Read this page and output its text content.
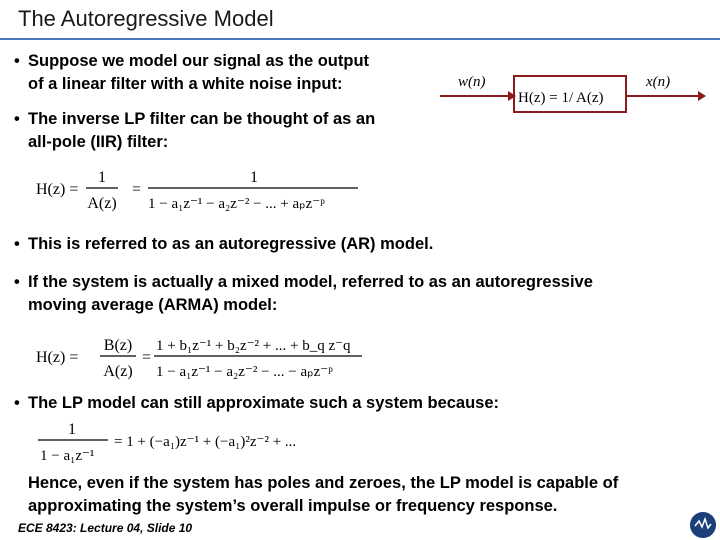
The Autoregressive Model
• Suppose we model our signal as the output
of a linear filter with a white noise input:	w(n)
H(z) = 1/ A(z)
x(n)
• The inverse LP filter can be thought of as an
all-pole (IIR) filter:
H(z) =
1
A(z)
=
1
1 − a₁z⁻¹ − a₂z⁻² − ... + aₚz⁻ᵖ
• This is referred to as an autoregressive (AR) model.
• If the system is actually a mixed model, referred to as an autoregressive
moving average (ARMA) model:
H(z) =
B(z)
A(z)
=
1 + b₁z⁻¹ + b₂z⁻² + ... + b_q z⁻q
1 − a₁z⁻¹ − a₂z⁻² − ... − aₚz⁻ᵖ
• The LP model can still approximate such a system because:
1
1 − a₁z⁻¹
= 1 + (−a₁)z⁻¹ + (−a₁)²z⁻² + ...
Hence, even if the system has poles and zeroes, the LP model is capable of
approximating the system’s overall impulse or frequency response.
ECE 8423: Lecture 04, Slide 10
